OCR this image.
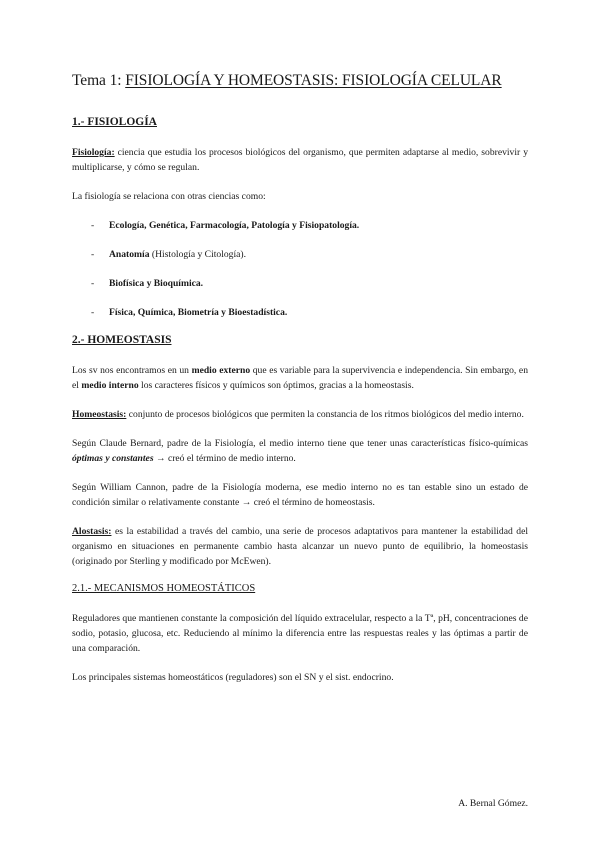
Tema 1: FISIOLOGÍA Y HOMEOSTASIS: FISIOLOGÍA CELULAR
1.- FISIOLOGÍA

Fisiología: ciencia que estudia los procesos biológicos del organismo, que permiten adaptarse al medio, sobrevivir y multiplicarse, y cómo se regulan.

La fisiología se relaciona con otras ciencias como:

- Ecología, Genética, Farmacología, Patología y Fisiopatología.
- Anatomía (Histología y Citología).
- Biofísica y Bioquímica.
- Física, Química, Biometría y Bioestadística.
2.- HOMEOSTASIS

Los sv nos encontramos en un medio externo que es variable para la supervivencia e independencia. Sin embargo, en el medio interno los caracteres físicos y químicos son óptimos, gracias a la homeostasis.

Homeostasis: conjunto de procesos biológicos que permiten la constancia de los ritmos biológicos del medio interno.

Según Claude Bernard, padre de la Fisiología, el medio interno tiene que tener unas características físico-químicas óptimas y constantes → creó el término de medio interno.

Según William Cannon, padre de la Fisiología moderna, ese medio interno no es tan estable sino un estado de condición similar o relativamente constante → creó el término de homeostasis.

Alostasis: es la estabilidad a través del cambio, una serie de procesos adaptativos para mantener la estabilidad del organismo en situaciones en permanente cambio hasta alcanzar un nuevo punto de equilibrio, la homeostasis (originado por Sterling y modificado por McEwen).

2.1.- MECANISMOS HOMEOSTÁTICOS

Reguladores que mantienen constante la composición del líquido extracelular, respecto a la Tª, pH, concentraciones de sodio, potasio, glucosa, etc. Reduciendo al mínimo la diferencia entre las respuestas reales y las óptimas a partir de una comparación.

Los principales sistemas homeostáticos (reguladores) son el SN y el sist. endocrino.

A. Bernal Gómez.
